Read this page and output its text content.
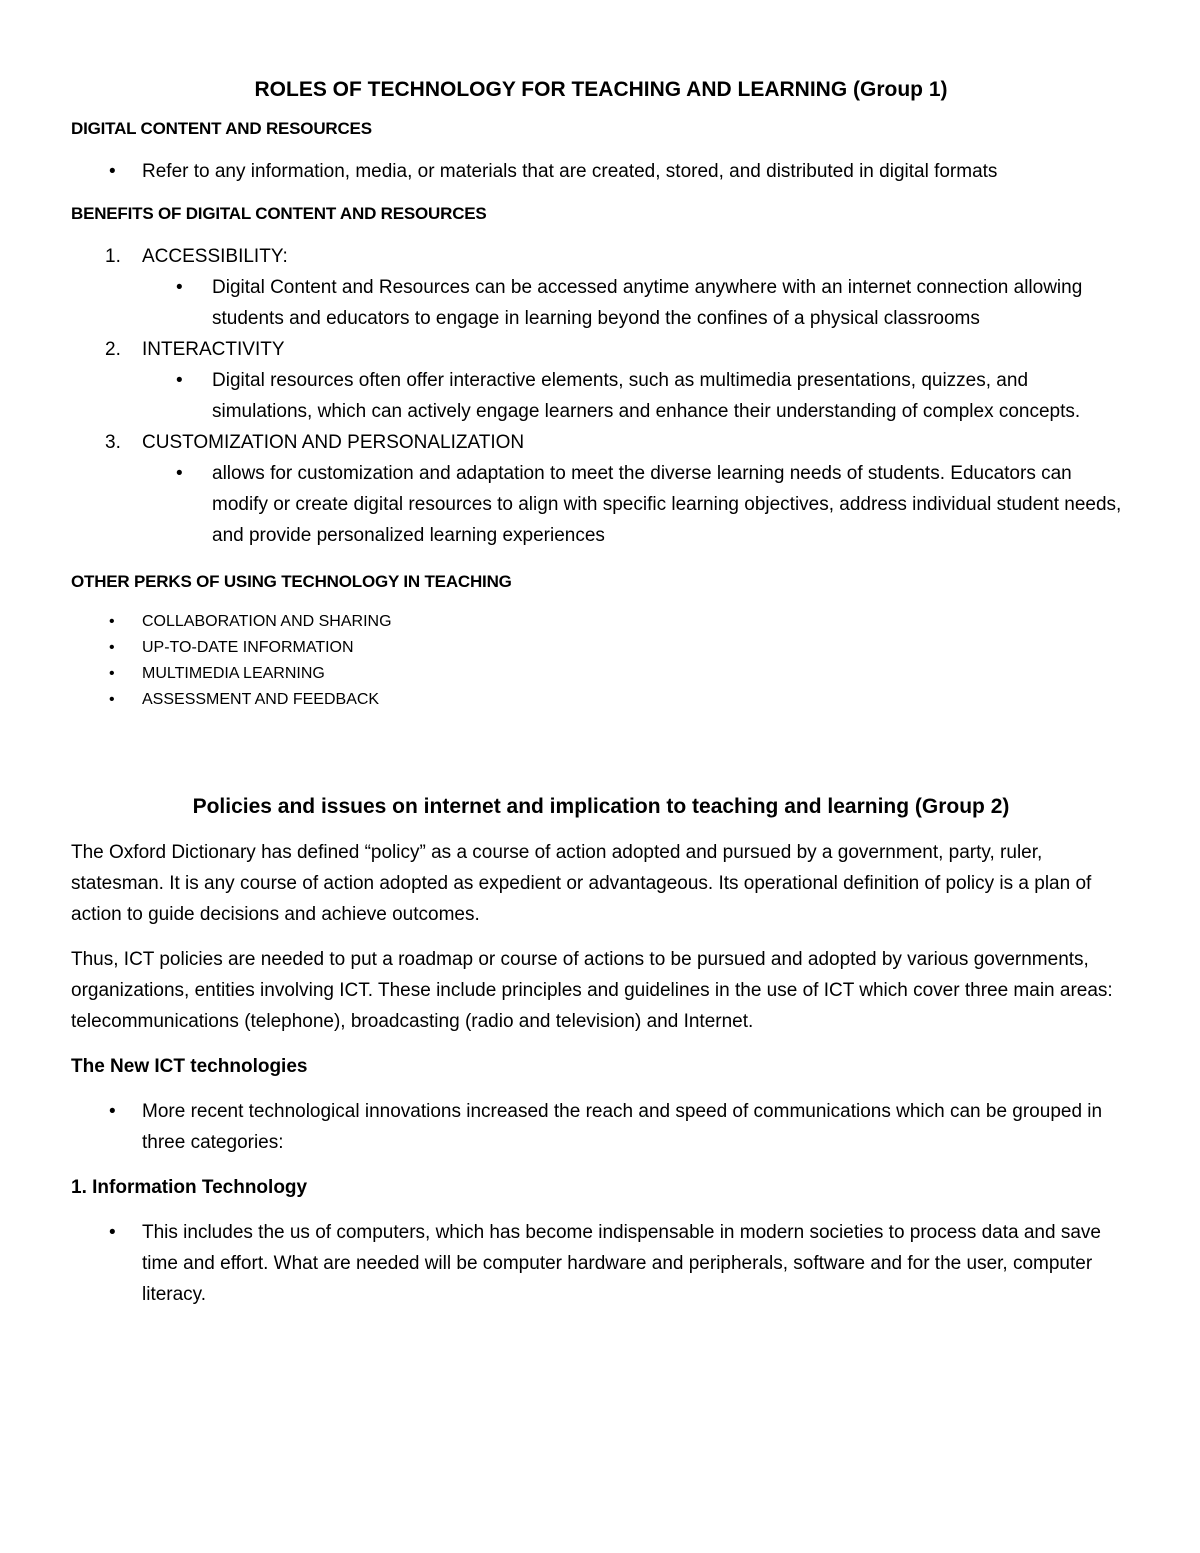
ROLES OF TECHNOLOGY FOR TEACHING AND LEARNING (Group 1)
DIGITAL CONTENT AND RESOURCES
•	Refer to any information, media, or materials that are created, stored, and distributed in digital formats
BENEFITS OF DIGITAL CONTENT AND RESOURCES
1. ACCESSIBILITY:
•	Digital Content and Resources can be accessed anytime anywhere with an internet connection allowing students and educators to engage in learning beyond the confines of a physical classrooms
2. INTERACTIVITY
•	Digital resources often offer interactive elements, such as multimedia presentations, quizzes, and simulations, which can actively engage learners and enhance their understanding of complex concepts.
3. CUSTOMIZATION AND PERSONALIZATION
•	allows for customization and adaptation to meet the diverse learning needs of students. Educators can modify or create digital resources to align with specific learning objectives, address individual student needs, and provide personalized learning experiences
OTHER PERKS OF USING TECHNOLOGY IN TEACHING
•	COLLABORATION AND SHARING
•	UP-TO-DATE INFORMATION
•	MULTIMEDIA LEARNING
•	ASSESSMENT AND FEEDBACK
Policies and issues on internet and implication to teaching and learning (Group 2)

The Oxford Dictionary has defined “policy” as a course of action adopted and pursued by a government, party, ruler, statesman. It is any course of action adopted as expedient or advantageous. Its operational definition of policy is a plan of action to guide decisions and achieve outcomes.

Thus, ICT policies are needed to put a roadmap or course of actions to be pursued and adopted by various governments, organizations, entities involving ICT. These include principles and guidelines in the use of ICT which cover three main areas: telecommunications (telephone), broadcasting (radio and television) and Internet.

The New ICT technologies
•	More recent technological innovations increased the reach and speed of communications which can be grouped in three categories:
1. Information Technology
•	This includes the us of computers, which has become indispensable in modern societies to process data and save time and effort. What are needed will be computer hardware and peripherals, software and for the user, computer literacy.
